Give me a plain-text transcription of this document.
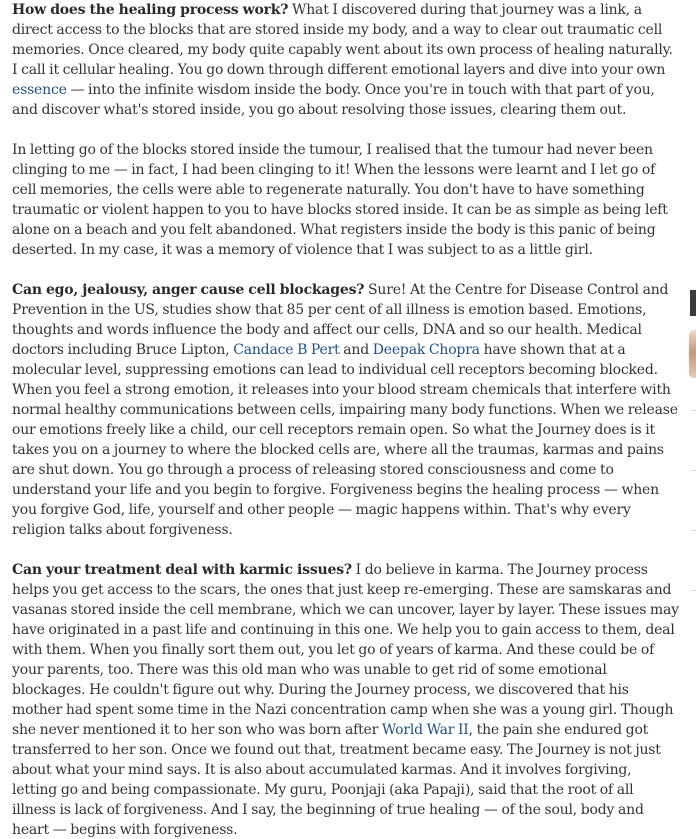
How does the healing process work? What I discovered during that journey was a link, a direct access to the blocks that are stored inside my body, and a way to clear out traumatic cell memories. Once cleared, my body quite capably went about its own process of healing naturally. I call it cellular healing. You go down through different emotional layers and dive into your own essence — into the infinite wisdom inside the body. Once you're in touch with that part of you, and discover what's stored inside, you go about resolving those issues, clearing them out.

In letting go of the blocks stored inside the tumour, I realised that the tumour had never been clinging to me — in fact, I had been clinging to it! When the lessons were learnt and I let go of cell memories, the cells were able to regenerate naturally. You don't have to have something traumatic or violent happen to you to have blocks stored inside. It can be as simple as being left alone on a beach and you felt abandoned. What registers inside the body is this panic of being deserted. In my case, it was a memory of violence that I was subject to as a little girl.

Can ego, jealousy, anger cause cell blockages? Sure! At the Centre for Disease Control and Prevention in the US, studies show that 85 per cent of all illness is emotion based. Emotions, thoughts and words influence the body and affect our cells, DNA and so our health. Medical doctors including Bruce Lipton, Candace B Pert and Deepak Chopra have shown that at a molecular level, suppressing emotions can lead to individual cell receptors becoming blocked. When you feel a strong emotion, it releases into your blood stream chemicals that interfere with normal healthy communications between cells, impairing many body functions. When we release our emotions freely like a child, our cell receptors remain open. So what the Journey does is it takes you on a journey to where the blocked cells are, where all the traumas, karmas and pains are shut down. You go through a process of releasing stored consciousness and come to understand your life and you begin to forgive. Forgiveness begins the healing process — when you forgive God, life, yourself and other people — magic happens within. That's why every religion talks about forgiveness.

Can your treatment deal with karmic issues? I do believe in karma. The Journey process helps you get access to the scars, the ones that just keep re-emerging. These are samskaras and vasanas stored inside the cell membrane, which we can uncover, layer by layer. These issues may have originated in a past life and continuing in this one. We help you to gain access to them, deal with them. When you finally sort them out, you let go of years of karma. And these could be of your parents, too. There was this old man who was unable to get rid of some emotional blockages. He couldn't figure out why. During the Journey process, we discovered that his mother had spent some time in the Nazi concentration camp when she was a young girl. Though she never mentioned it to her son who was born after World War II, the pain she endured got transferred to her son. Once we found out that, treatment became easy. The Journey is not just about what your mind says. It is also about accumulated karmas. And it involves forgiving, letting go and being compassionate. My guru, Poonjaji (aka Papaji), said that the root of all illness is lack of forgiveness. And I say, the beginning of true healing — of the soul, body and heart — begins with forgiveness.
